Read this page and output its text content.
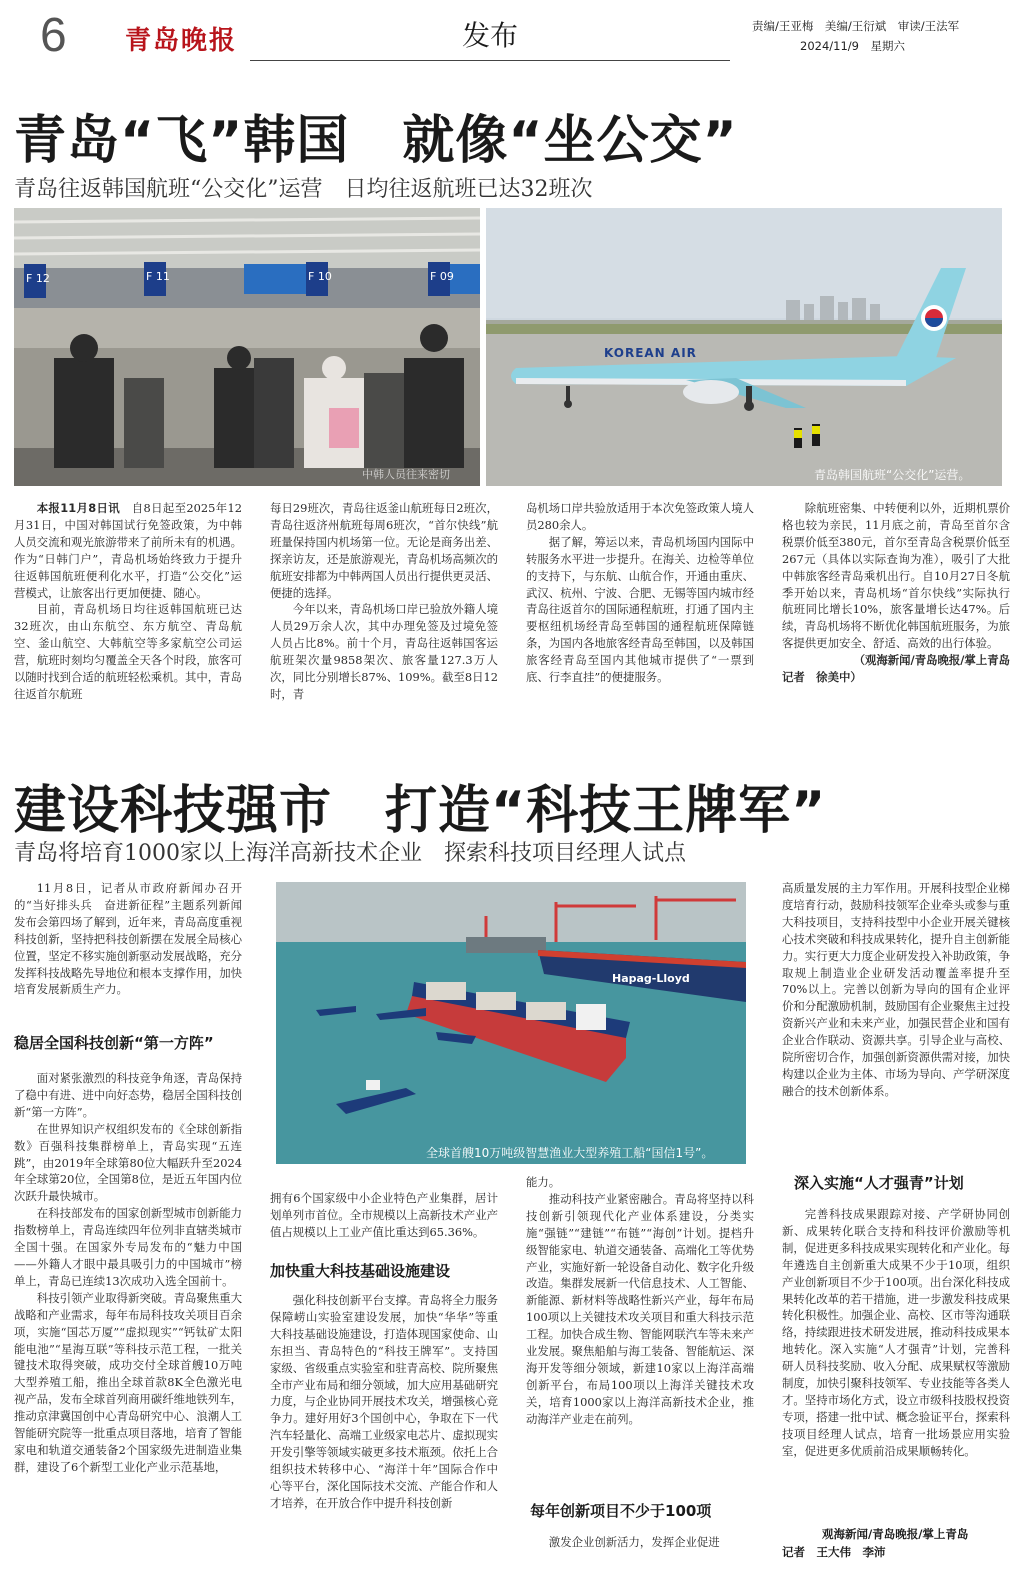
6 青岛晚报	发布	责编/王亚梅　美编/王衍斌　审读/王法军
2024/11/9　星期六
青岛“飞”韩国　就像“坐公交”
青岛往返韩国航班“公交化”运营　日均往返航班已达32班次
F 12	F 11	F 10	F 09
中韩人员往来密切
KOREAN AIR
青岛韩国航班“公交化”运营。

本报11月8日讯　 自8日起至2025年12月31日，中国对韩国试行免签政策，为中韩人员交流和观光旅游带来了前所未有的机遇。作为“日韩门户”，青岛机场始终致力于提升往返韩国航班便利化水平，打造“公交化”运营模式，让旅客出行更加便捷、随心。

目前，青岛机场日均往返韩国航班已达32班次，由山东航空、东方航空、青岛航空、釜山航空、大韩航空等多家航空公司运营，航班时刻均匀覆盖全天各个时段，旅客可以随时找到合适的航班轻松乘机。其中，青岛往返首尔航班

每日29班次，青岛往返釜山航班每日2班次，青岛往返济州航班每周6班次，“首尔快线”航班量保持国内机场第一位。无论是商务出差、探亲访友，还是旅游观光，青岛机场高频次的航班安排都为中韩两国人员出行提供更灵活、便捷的选择。

今年以来，青岛机场口岸已验放外籍人境人员29万余人次，其中办理免签及过境免签人员占比8%。前十个月，青岛往返韩国客运航班架次量9858架次、旅客量127.3万人次，同比分别增长87%、109%。截至8日12时，青

岛机场口岸共验放适用于本次免签政策人境人员280余人。

据了解，筹运以来，青岛机场国内国际中转服务水平进一步提升。在海关、边检等单位的支持下，与东航、山航合作，开通由重庆、武汉、杭州、宁波、合肥、无锡等国内城市经青岛往返首尔的国际通程航班，打通了国内主要枢纽机场经青岛至韩国的通程航班保障链条，为国内各地旅客经青岛至韩国，以及韩国旅客经青岛至国内其他城市提供了“一票到底、行李直挂”的便捷服务。

除航班密集、中转便利以外，近期机票价格也较为亲民，11月底之前，青岛至首尔含税票价低至380元，首尔至青岛含税票价低至267元（具体以实际查询为准），吸引了大批中韩旅客经青岛乘机出行。自10月27日冬航季开始以来，青岛机场“首尔快线”实际执行航班同比增长10%，旅客量增长达47%。后续，青岛机场将不断优化韩国航班服务，为旅客提供更加安全、舒适、高效的出行体验。

（观海新闻/青岛晚报/掌上青岛

记者　徐美中）

建设科技强市　打造“科技王牌军”
青岛将培育1000家以上海洋高新技术企业　探索科技项目经理人试点

11月8日，记者从市政府新闻办召开的“当好排头兵　奋进新征程”主题系列新闻发布会第四场了解到，近年来，青岛高度重视科技创新，坚持把科技创新摆在发展全局核心位置，坚定不移实施创新驱动发展战略，充分发挥科技战略先导地位和根本支撑作用，加快培育发展新质生产力。

稳居全国科技创新“第一方阵”

面对紧张激烈的科技竞争角逐，青岛保持了稳中有进、进中向好态势，稳居全国科技创新“第一方阵”。

在世界知识产权组织发布的《全球创新指数》百强科技集群榜单上，青岛实现“五连跳”，由2019年全球第80位大幅跃升至2024年全球第20位，全国第8位，是近五年国内位次跃升最快城市。

在科技部发布的国家创新型城市创新能力指数榜单上，青岛连续四年位列非直辖类城市全国十强。在国家外专局发布的“魅力中国——外籍人才眼中最具吸引力的中国城市”榜单上，青岛已连续13次成功入选全国前十。

科技引领产业取得新突破。青岛聚焦重大战略和产业需求，每年布局科技攻关项目百余项，实施“国芯万厦”“虚拟现实”“钙钛矿太阳能电池”“星海互联”等科技示范工程，一批关键技术取得突破，成功交付全球首艘10万吨大型养殖工船，推出全球首款8K全色激光电视产品，发布全球首列商用碳纤维地铁列车，推动京津冀国创中心青岛研究中心、浪潮人工智能研究院等一批重点项目落地，培育了智能家电和轨道交通装备2个国家级先进制造业集群，建设了6个新型工业化产业示范基地，

Hapag-Lloyd
全球首艘10万吨级智慧渔业大型养殖工船“国信1号”。

拥有6个国家级中小企业特色产业集群，居计划单列市首位。全市规模以上高新技术产业产值占规模以上工业产值比重达到65.36%。

加快重大科技基础设施建设

强化科技创新平台支撑。青岛将全力服务保障崂山实验室建设发展，加快“华华”等重大科技基础设施建设，打造体现国家使命、山东担当、青岛特色的“科技王牌军”。支持国家级、省级重点实验室和驻青高校、院所聚焦全市产业布局和细分领域，加大应用基础研究力度，与企业协同开展技术攻关，增强核心竞争力。建好用好3个国创中心，争取在下一代汽车轻量化、高端工业级家电芯片、虚拟现实开发引擎等领域实破更多技术瓶颈。依托上合组织技术转移中心、“海洋十年”国际合作中心等平台，深化国际技术交流、产能合作和人才培养，在开放合作中提升科技创新

能力。

推动科技产业紧密融合。青岛将坚持以科技创新引领现代化产业体系建设，分类实施“强链”“建链”“布链”“海创”计划。提档升级智能家电、轨道交通装备、高端化工等优势产业，实施好新一轮设备自动化、数字化升级改造。集群发展新一代信息技术、人工智能、新能源、新材料等战略性新兴产业，每年布局100项以上关键技术攻关项目和重大科技示范工程。加快合成生物、智能网联汽车等未来产业发展。聚焦船舶与海工装备、智能航运、深海开发等细分领域，新建10家以上海洋高端创新平台，布局100项以上海洋关键技术攻关，培育1000家以上海洋高新技术企业，推动海洋产业走在前列。

每年创新项目不少于100项

激发企业创新活力，发挥企业促进

高质量发展的主力军作用。开展科技型企业梯度培育行动，鼓励科技领军企业牵头或参与重大科技项目，支持科技型中小企业开展关键核心技术突破和科技成果转化，提升自主创新能力。实行更大力度企业研发投入补助政策，争取规上制造业企业研发活动覆盖率提升至70%以上。完善以创新为导向的国有企业评价和分配激励机制，鼓励国有企业聚焦主过投资新兴产业和未来产业，加强民营企业和国有企业合作联动、资源共享。引导企业与高校、院所密切合作，加强创新资源供需对接，加快构建以企业为主体、市场为导向、产学研深度融合的技术创新体系。

深入实施“人才强青”计划

完善科技成果跟踪对接、产学研协同创新、成果转化联合支持和科技评价激励等机制，促进更多科技成果实现转化和产业化。每年遴选自主创新重大成果不少于10项，组织产业创新项目不少于100项。出台深化科技成果转化改革的若干措施，进一步激发科技成果转化积极性。加强企业、高校、区市等沟通联络，持续跟进技术研发进展，推动科技成果本地转化。深入实施“人才强青”计划，完善科研人员科技奖励、收入分配、成果赋权等激励制度，加快引聚科技领军、专业技能等各类人才。坚持市场化方式，设立市级科技股权投资专项，搭建一批中试、概念验证平台，探索科技项目经理人试点，培育一批场景应用实验室，促进更多优质前沿成果顺畅转化。

观海新闻/青岛晚报/掌上青岛
记者　王大伟　李沛
